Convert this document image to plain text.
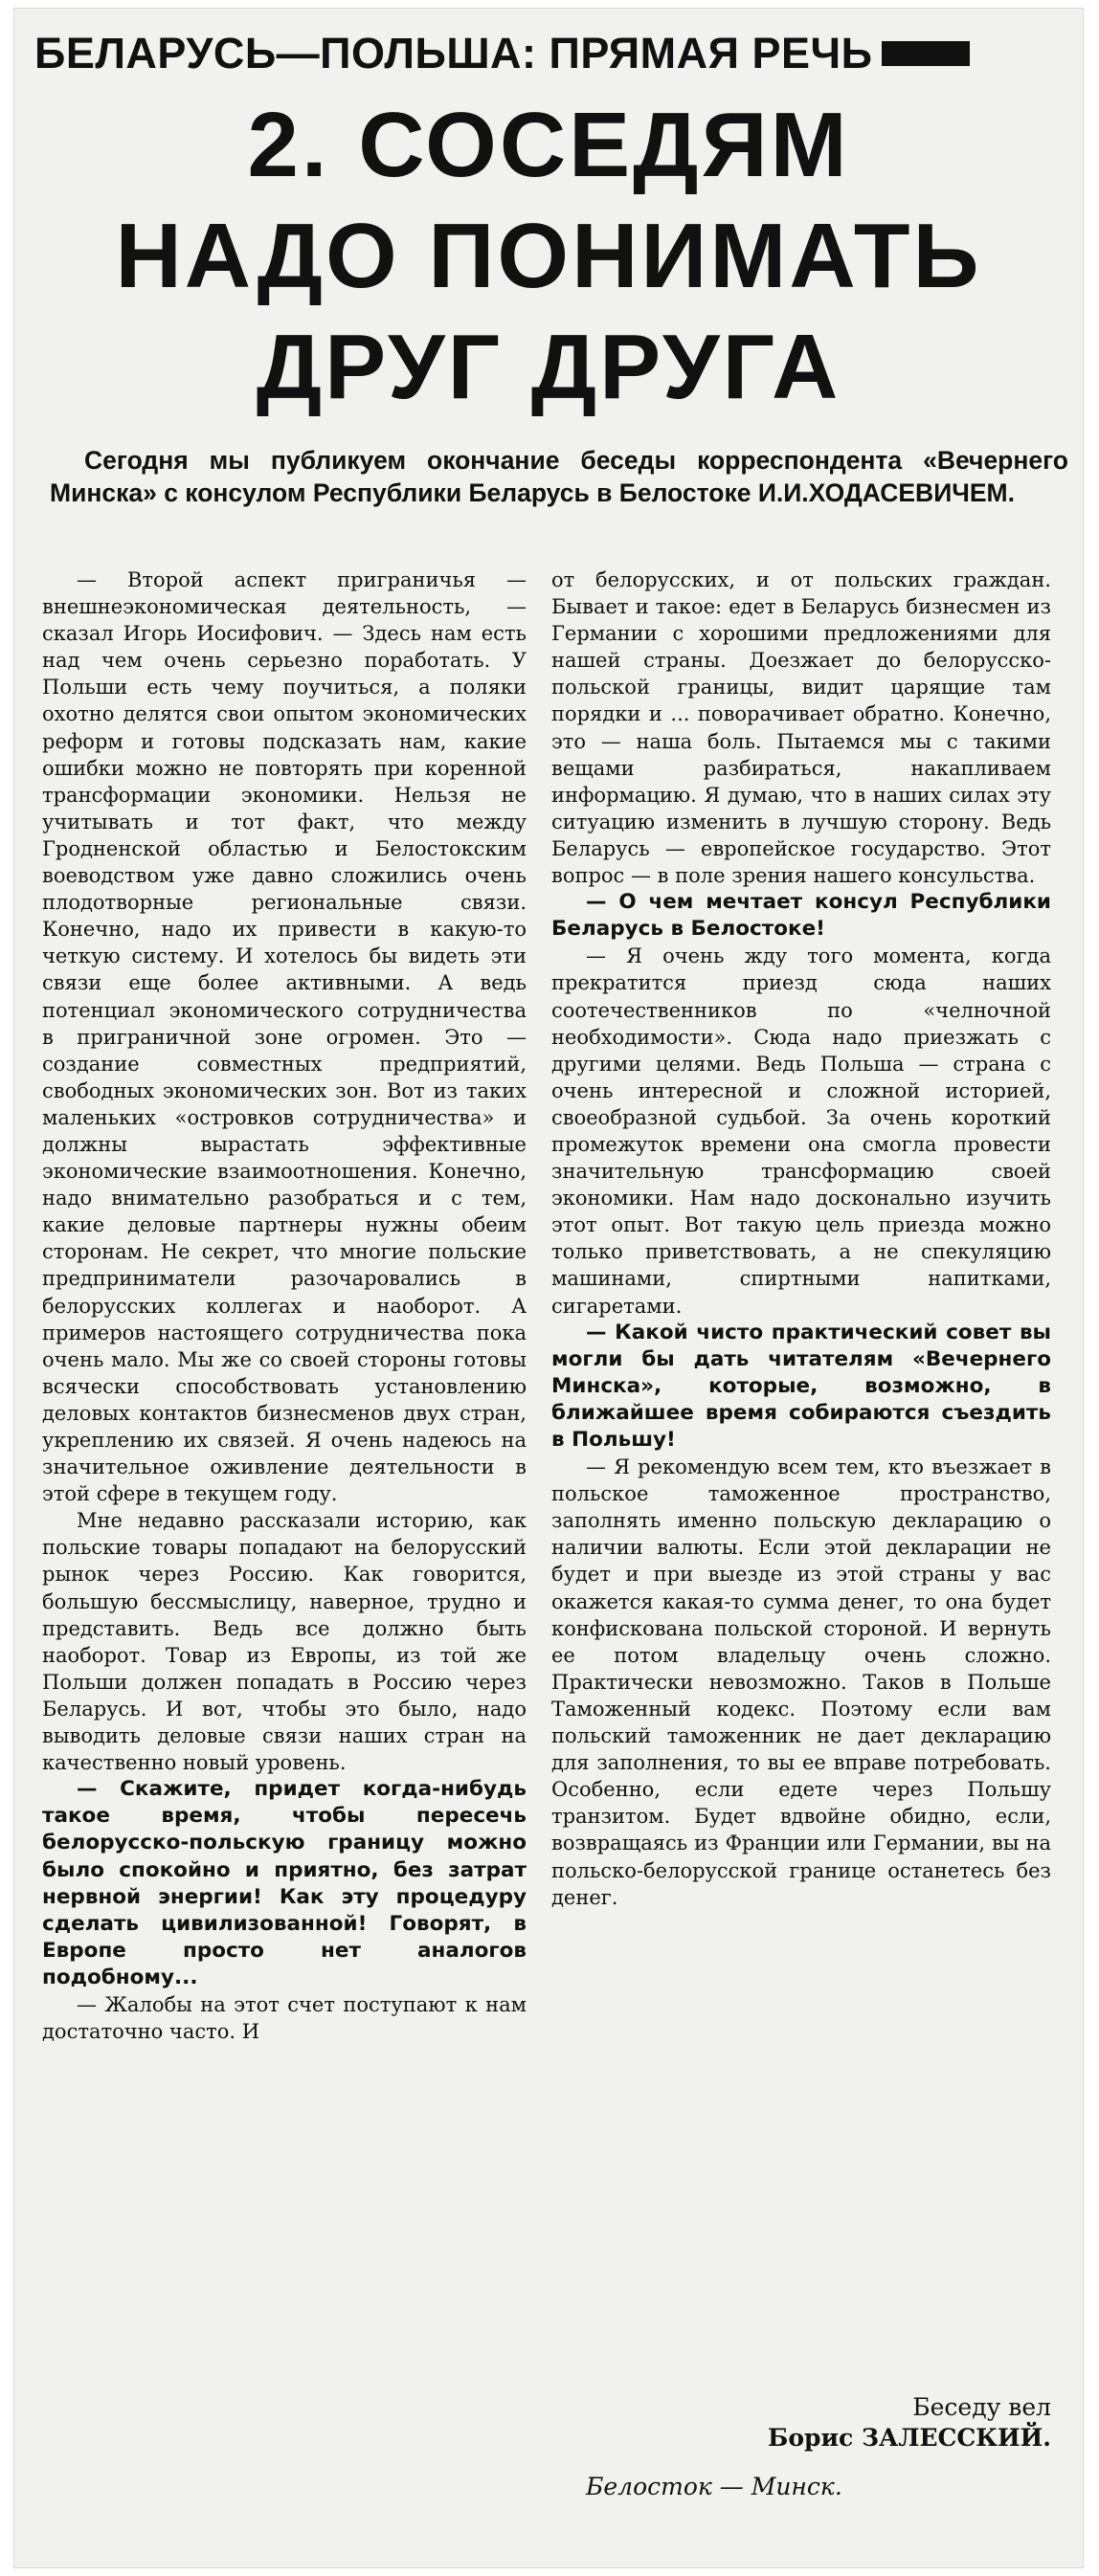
БЕЛАРУСЬ—ПОЛЬША: ПРЯМАЯ РЕЧЬ
2. СОСЕДЯМ
НАДО ПОНИМАТЬ
ДРУГ ДРУГА
Сегодня мы публикуем окончание беседы корреспондента «Вечернего Минска» с консулом Республики Беларусь в Белостоке И.И.ХОДАСЕВИЧЕМ.

— Второй аспект приграничья — внешнеэкономическая деятельность, — сказал Игорь Иосифович. — Здесь нам есть над чем очень серьезно поработать. У Польши есть чему поучиться, а поляки охотно делятся свои опытом экономических реформ и готовы подсказать нам, какие ошибки можно не повторять при коренной трансформации экономики. Нельзя не учитывать и тот факт, что между Гродненской областью и Белостокским воеводством уже давно сложились очень плодотворные региональные связи. Конечно, надо их привести в какую-то четкую систему. И хотелось бы видеть эти связи еще более активными. А ведь потенциал экономического сотрудничества в приграничной зоне огромен. Это — создание совместных предприятий, свободных экономических зон. Вот из таких маленьких «островков сотрудничества» и должны вырастать эффективные экономические взаимоотношения. Конечно, надо внимательно разобраться и с тем, какие деловые партнеры нужны обеим сторонам. Не секрет, что многие польские предприниматели разочаровались в белорусских коллегах и наоборот. А примеров настоящего сотрудничества пока очень мало. Мы же со своей стороны готовы всячески способствовать установлению деловых контактов бизнесменов двух стран, укреплению их связей. Я очень надеюсь на значительное оживление деятельности в этой сфере в текущем году.

Мне недавно рассказали историю, как польские товары попадают на белорусский рынок через Россию. Как говорится, большую бессмыслицу, наверное, трудно и представить. Ведь все должно быть наоборот. Товар из Европы, из той же Польши должен попадать в Россию через Беларусь. И вот, чтобы это было, надо выводить деловые связи наших стран на качественно новый уровень.

— Скажите, придет когда-нибудь такое время, чтобы пересечь белорусско-польскую границу можно было спокойно и приятно, без затрат нервной энергии! Как эту процедуру сделать цивилизованной! Говорят, в Европе просто нет аналогов подобному...

— Жалобы на этот счет поступают к нам достаточно часто. И

от белорусских, и от польских граждан. Бывает и такое: едет в Беларусь бизнесмен из Германии с хорошими предложениями для нашей страны. Доезжает до белорусско-польской границы, видит царящие там порядки и ... поворачивает обратно. Конечно, это — наша боль. Пытаемся мы с такими вещами разбираться, накапливаем информацию. Я думаю, что в наших силах эту ситуацию изменить в лучшую сторону. Ведь Беларусь — европейское государство. Этот вопрос — в поле зрения нашего консульства.

— О чем мечтает консул Республики Беларусь в Белостоке!

— Я очень жду того момента, когда прекратится приезд сюда наших соотечественников по «челночной необходимости». Сюда надо приезжать с другими целями. Ведь Польша — страна с очень интересной и сложной историей, своеобразной судьбой. За очень короткий промежуток времени она смогла провести значительную трансформацию своей экономики. Нам надо досконально изучить этот опыт. Вот такую цель приезда можно только приветствовать, а не спекуляцию машинами, спиртными напитками, сигаретами.

— Какой чисто практический совет вы могли бы дать читателям «Вечернего Минска», которые, возможно, в ближайшее время собираются съездить в Польшу!

— Я рекомендую всем тем, кто въезжает в польское таможенное пространство, заполнять именно польскую декларацию о наличии валюты. Если этой декларации не будет и при выезде из этой страны у вас окажется какая-то сумма денег, то она будет конфискована польской стороной. И вернуть ее потом владельцу очень сложно. Практически невозможно. Таков в Польше Таможенный кодекс. Поэтому если вам польский таможенник не дает декларацию для заполнения, то вы ее вправе потребовать. Особенно, если едете через Польшу транзитом. Будет вдвойне обидно, если, возвращаясь из Франции или Германии, вы на польско-белорусской границе останетесь без денег.

Беседу вел
Борис ЗАЛЕССКИЙ.
Белосток — Минск.
